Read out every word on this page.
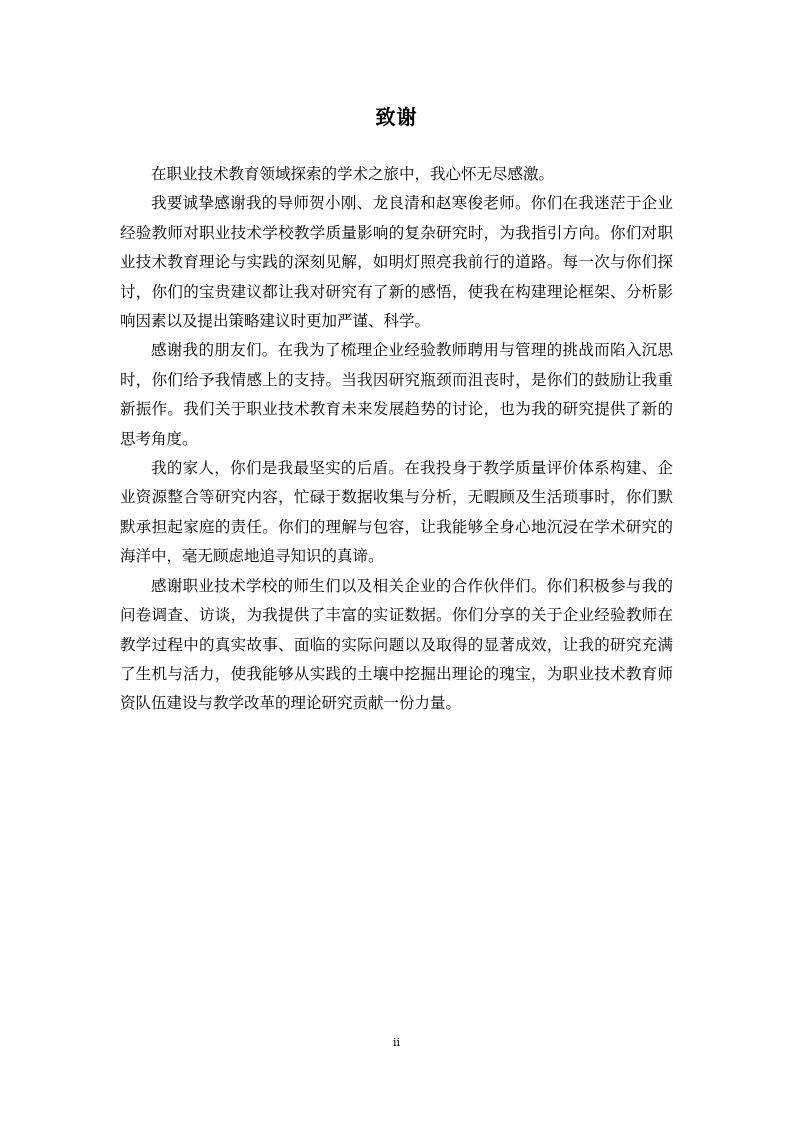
致谢

在职业技术教育领域探索的学术之旅中，我心怀无尽感激。

我要诚挚感谢我的导师贺小刚、龙良清和赵寒俊老师。你们在我迷茫于企业经验教师对职业技术学校教学质量影响的复杂研究时，为我指引方向。你们对职业技术教育理论与实践的深刻见解，如明灯照亮我前行的道路。每一次与你们探讨，你们的宝贵建议都让我对研究有了新的感悟，使我在构建理论框架、分析影响因素以及提出策略建议时更加严谨、科学。

感谢我的朋友们。在我为了梳理企业经验教师聘用与管理的挑战而陷入沉思时，你们给予我情感上的支持。当我因研究瓶颈而沮丧时，是你们的鼓励让我重新振作。我们关于职业技术教育未来发展趋势的讨论，也为我的研究提供了新的思考角度。

我的家人，你们是我最坚实的后盾。在我投身于教学质量评价体系构建、企业资源整合等研究内容，忙碌于数据收集与分析，无暇顾及生活琐事时，你们默默承担起家庭的责任。你们的理解与包容，让我能够全身心地沉浸在学术研究的海洋中，毫无顾虑地追寻知识的真谛。

感谢职业技术学校的师生们以及相关企业的合作伙伴们。你们积极参与我的问卷调查、访谈，为我提供了丰富的实证数据。你们分享的关于企业经验教师在教学过程中的真实故事、面临的实际问题以及取得的显著成效，让我的研究充满了生机与活力，使我能够从实践的土壤中挖掘出理论的瑰宝，为职业技术教育师资队伍建设与教学改革的理论研究贡献一份力量。

ii
